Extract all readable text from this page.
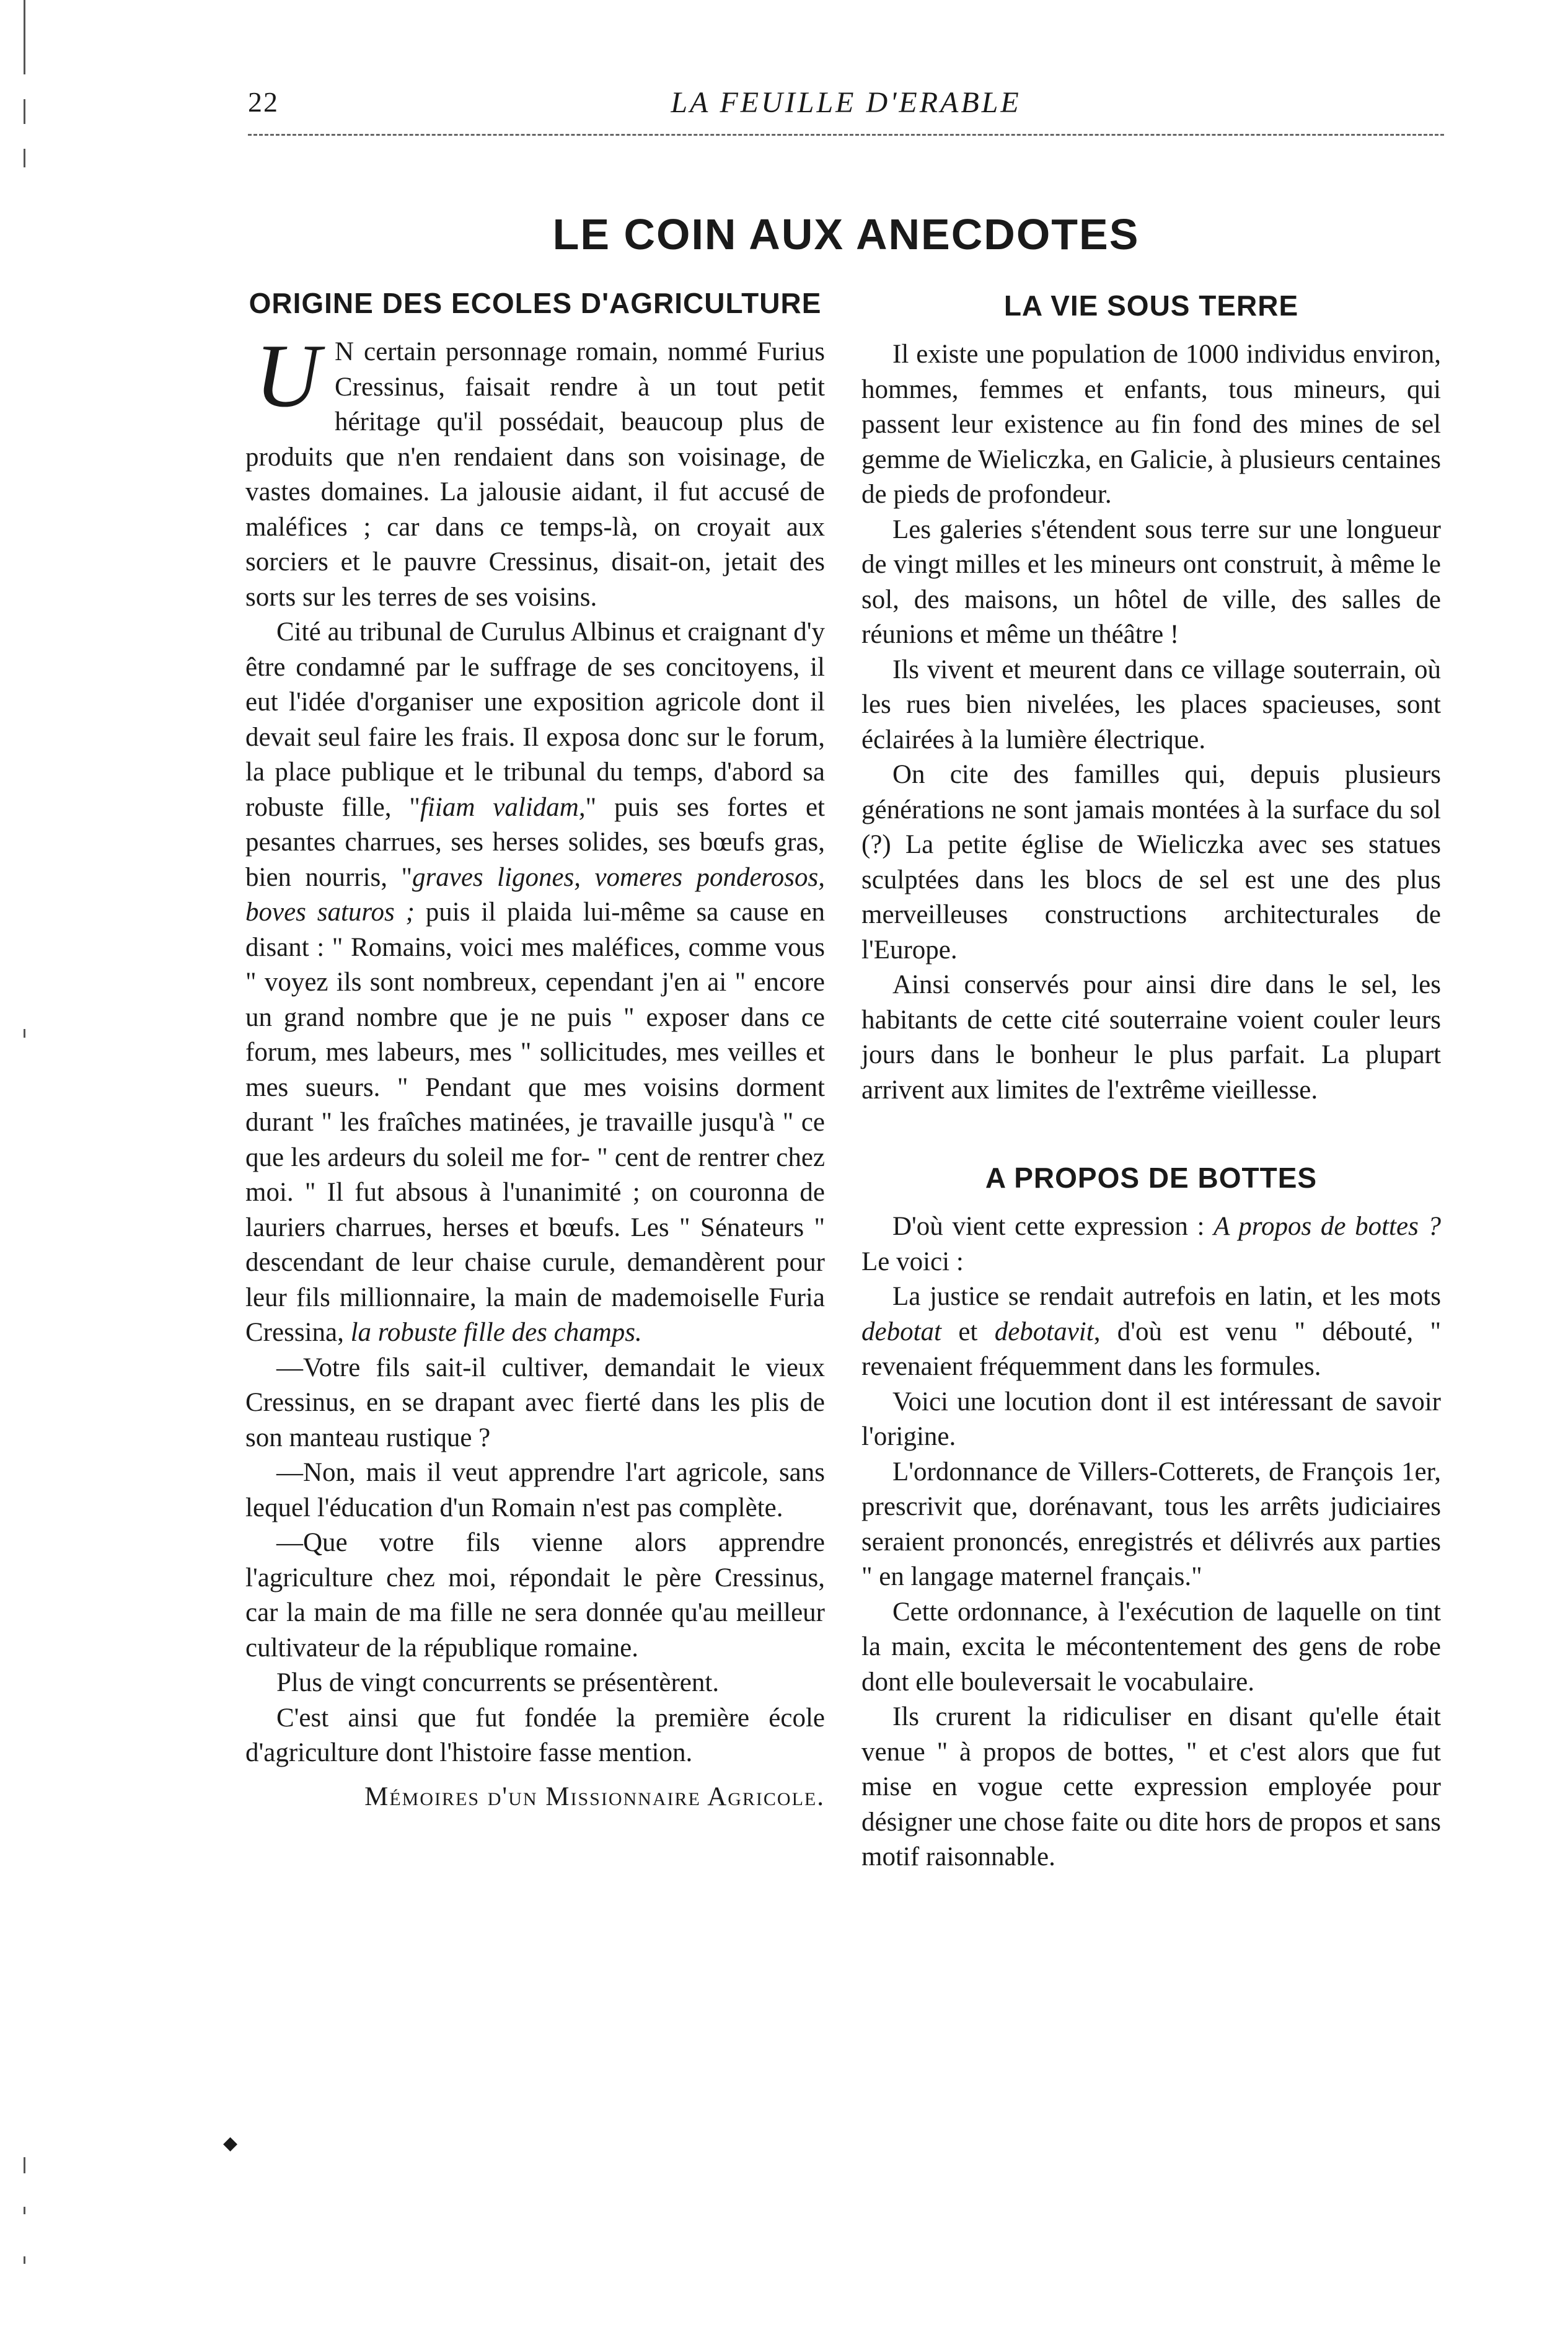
22	LA FEUILLE D'ERABLE
LE COIN AUX ANECDOTES
ORIGINE DES ECOLES D'AGRICULTURE

U N certain personnage romain, nommé Furius Cressinus, faisait rendre à un tout petit héritage qu'il possédait, beaucoup plus de produits que n'en rendaient dans son voisinage, de vastes domaines. La jalousie aidant, il fut accusé de maléfices ; car dans ce temps-là, on croyait aux sorciers et le pauvre Cressinus, disait-on, jetait des sorts sur les terres de ses voisins.

Cité au tribunal de Curulus Albinus et craignant d'y être condamné par le suffrage de ses concitoyens, il eut l'idée d'organiser une exposition agricole dont il devait seul faire les frais. Il exposa donc sur le forum, la place publique et le tribunal du temps, d'abord sa robuste fille, "fiiam validam," puis ses fortes et pesantes charrues, ses herses solides, ses bœufs gras, bien nourris, "graves ligones, vomeres ponderosos, boves saturos ; puis il plaida lui-même sa cause en disant : " Romains, voici mes maléfices, comme vous " voyez ils sont nombreux, cependant j'en ai " encore un grand nombre que je ne puis " exposer dans ce forum, mes labeurs, mes " sollicitudes, mes veilles et mes sueurs. " Pendant que mes voisins dorment durant " les fraîches matinées, je travaille jusqu'à " ce que les ardeurs du soleil me for- " cent de rentrer chez moi. " Il fut absous à l'unanimité ; on couronna de lauriers charrues, herses et bœufs. Les " Sénateurs " descendant de leur chaise curule, demandèrent pour leur fils millionnaire, la main de mademoiselle Furia Cressina, la robuste fille des champs.

—Votre fils sait-il cultiver, demandait le vieux Cressinus, en se drapant avec fierté dans les plis de son manteau rustique ?

—Non, mais il veut apprendre l'art agricole, sans lequel l'éducation d'un Romain n'est pas complète.

—Que votre fils vienne alors apprendre l'agriculture chez moi, répondait le père Cressinus, car la main de ma fille ne sera donnée qu'au meilleur cultivateur de la république romaine.

Plus de vingt concurrents se présentèrent.

C'est ainsi que fut fondée la première école d'agriculture dont l'histoire fasse mention.

Mémoires d'un Missionnaire Agricole.

◆
LA VIE SOUS TERRE

Il existe une population de 1000 individus environ, hommes, femmes et enfants, tous mineurs, qui passent leur existence au fin fond des mines de sel gemme de Wieliczka, en Galicie, à plusieurs centaines de pieds de profondeur.

Les galeries s'étendent sous terre sur une longueur de vingt milles et les mineurs ont construit, à même le sol, des maisons, un hôtel de ville, des salles de réunions et même un théâtre !

Ils vivent et meurent dans ce village souterrain, où les rues bien nivelées, les places spacieuses, sont éclairées à la lumière électrique.

On cite des familles qui, depuis plusieurs générations ne sont jamais montées à la surface du sol (?) La petite église de Wieliczka avec ses statues sculptées dans les blocs de sel est une des plus merveilleuses constructions architecturales de l'Europe.

Ainsi conservés pour ainsi dire dans le sel, les habitants de cette cité souterraine voient couler leurs jours dans le bonheur le plus parfait. La plupart arrivent aux limites de l'extrême vieillesse.

A PROPOS DE BOTTES

D'où vient cette expression : A propos de bottes ? Le voici :

La justice se rendait autrefois en latin, et les mots debotat et debotavit, d'où est venu " débouté, " revenaient fréquemment dans les formules.

Voici une locution dont il est intéressant de savoir l'origine.

L'ordonnance de Villers-Cotterets, de François 1er, prescrivit que, dorénavant, tous les arrêts judiciaires seraient prononcés, enregistrés et délivrés aux parties " en langage maternel français."

Cette ordonnance, à l'exécution de laquelle on tint la main, excita le mécontentement des gens de robe dont elle bouleversait le vocabulaire.

Ils crurent la ridiculiser en disant qu'elle était venue " à propos de bottes, " et c'est alors que fut mise en vogue cette expression employée pour désigner une chose faite ou dite hors de propos et sans motif raisonnable.
